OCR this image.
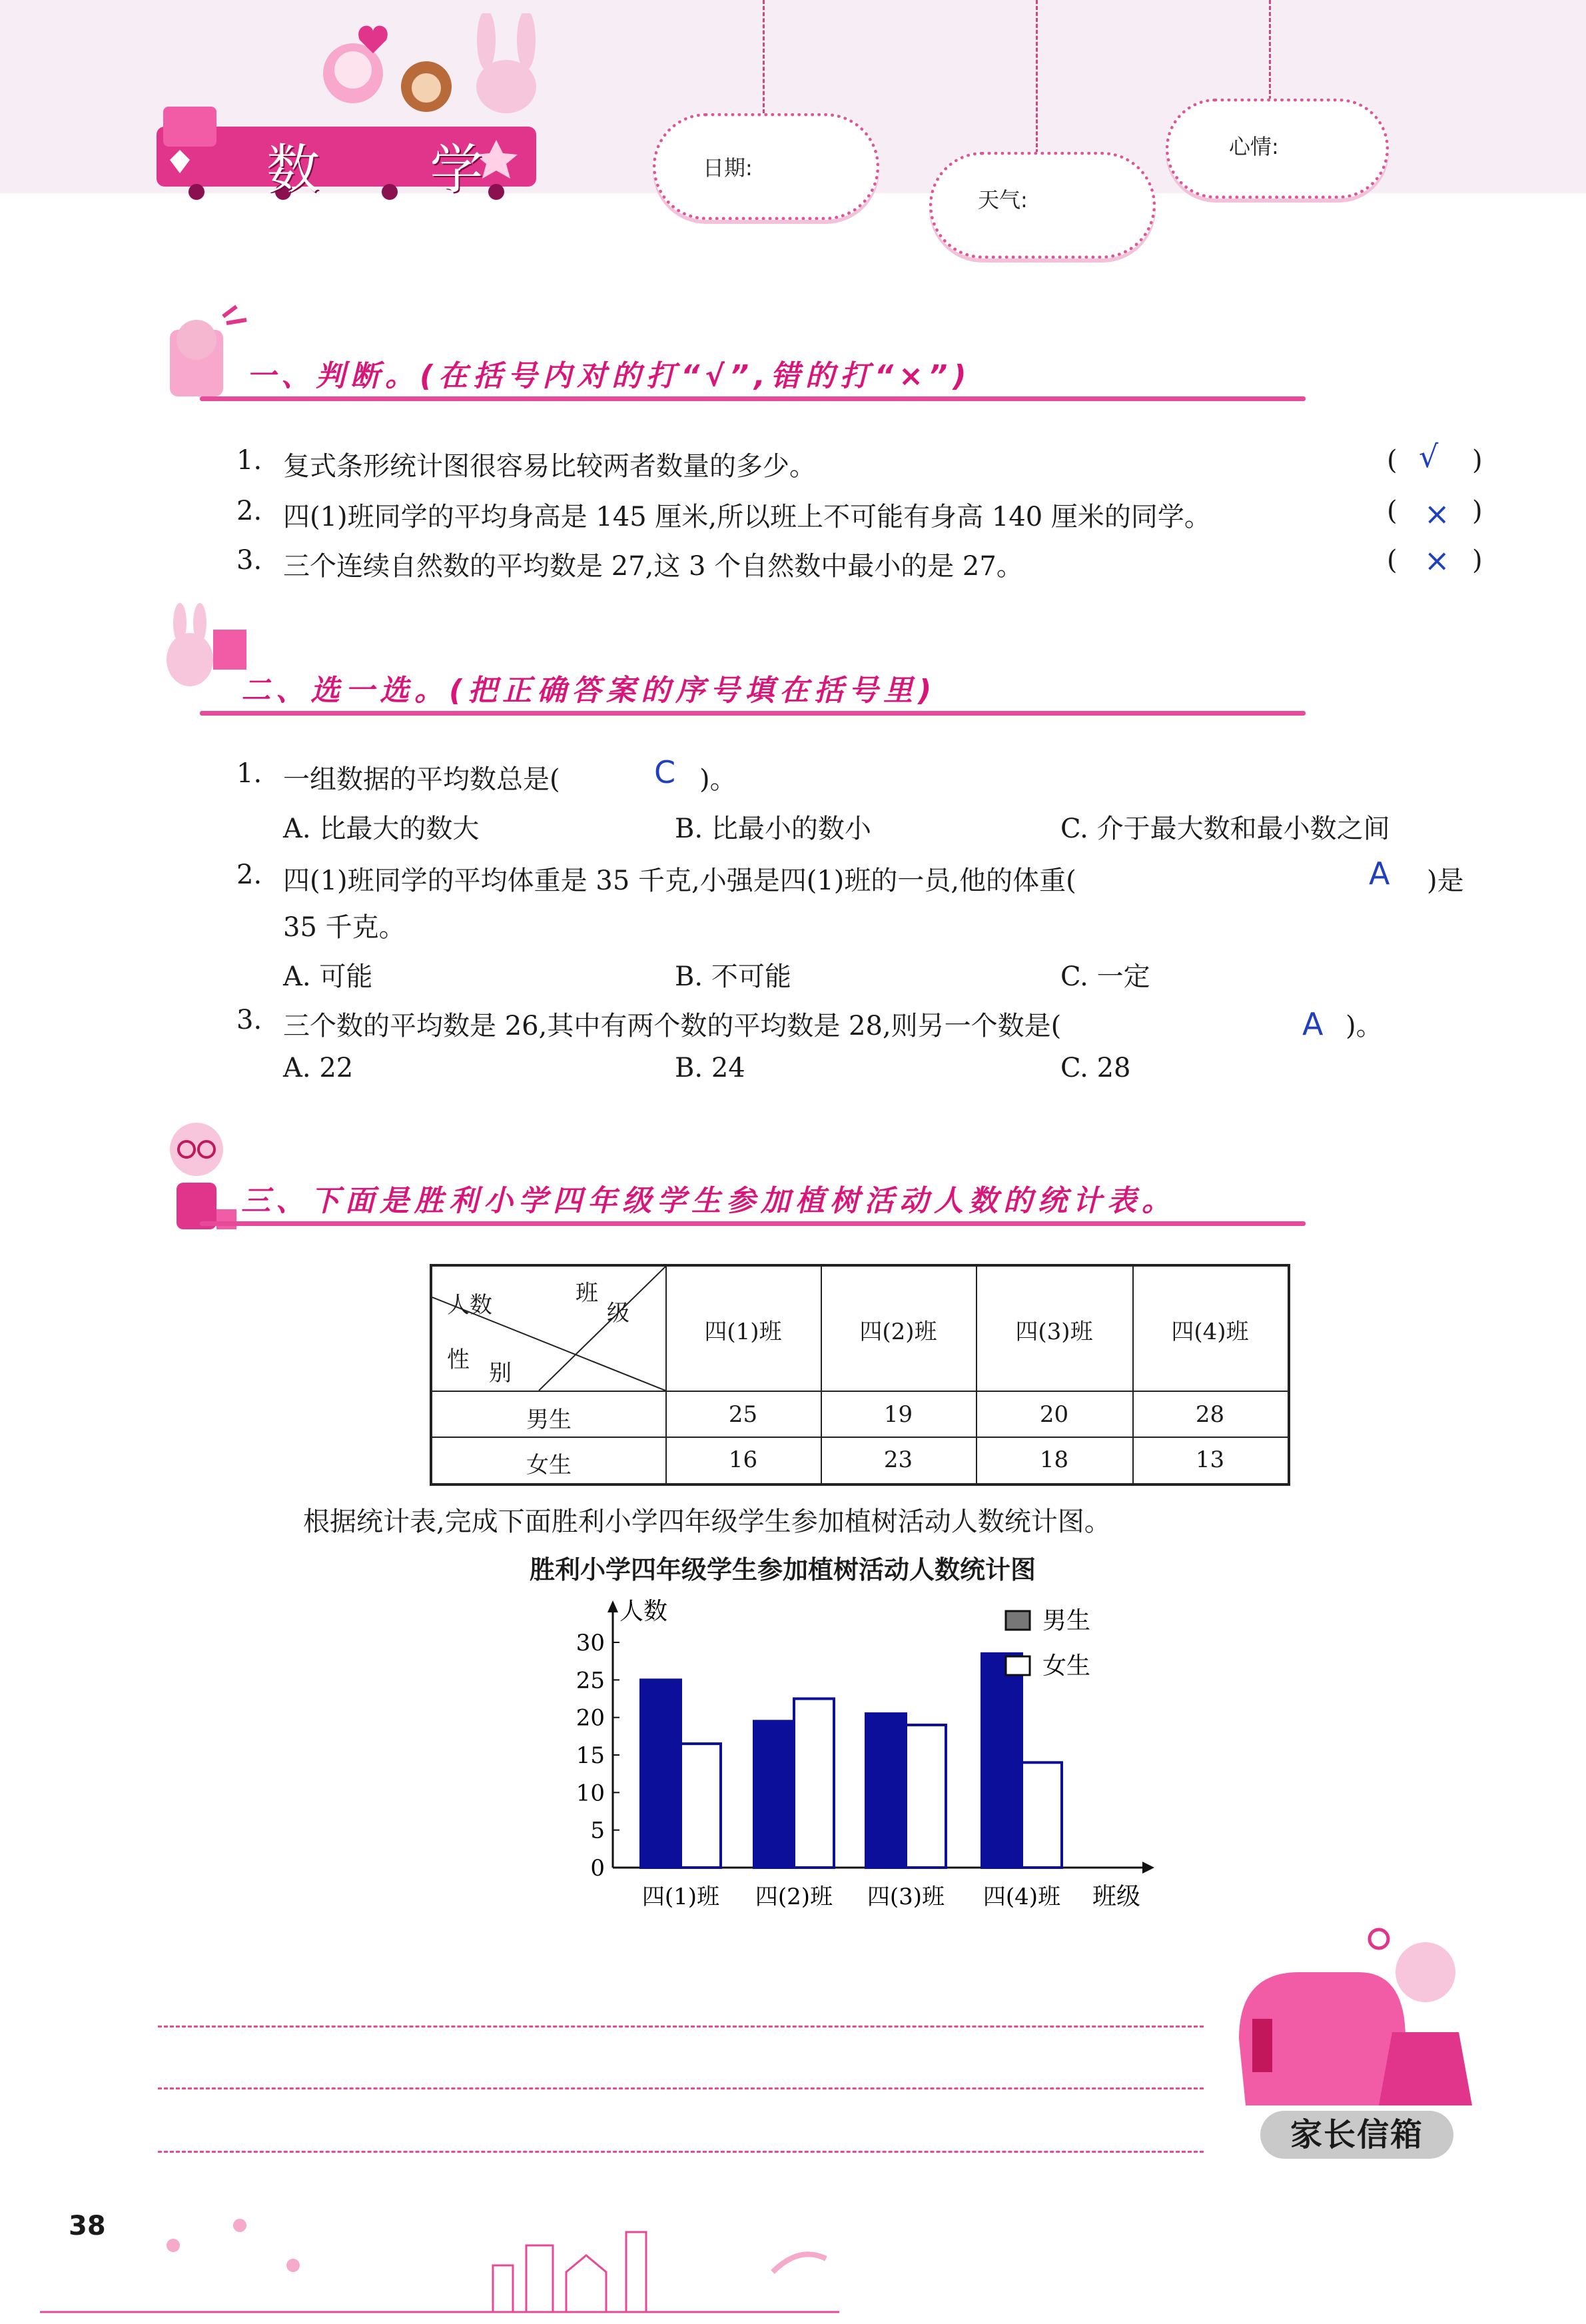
日期:
天气:
心情:
数 学
一、判断。(在括号内对的打“√”,错的打“×”)
1. 复式条形统计图很容易比较两者数量的多少。	( √ )
2. 四(1)班同学的平均身高是 145 厘米,所以班上不可能有身高 140 厘米的同学。	( × )
3. 三个连续自然数的平均数是 27,这 3 个自然数中最小的是 27。	( × )
二、选一选。(把正确答案的序号填在括号里)
1. 一组数据的平均数总是(	C )。
A. 比最大的数大	B. 比最小的数小	C. 介于最大数和最小数之间
2. 四(1)班同学的平均体重是 35 千克,小强是四(1)班的一员,他的体重(	A )是
35 千克。
A. 可能	B. 不可能	C. 一定
3. 三个数的平均数是 26,其中有两个数的平均数是 28,则另一个数是(	A )。
A. 22	B. 24	C. 28
三、下面是胜利小学四年级学生参加植树活动人数的统计表。
班
级
人数
性 别
四(1)班	四(2)班	四(3)班	四(4)班
男生	25	19	20	28
女生	16	23	18	13
根据统计表,完成下面胜利小学四年级学生参加植树活动人数统计图。
胜利小学四年级学生参加植树活动人数统计图
0
5
10
15
20
25
30
人数
班级
四(1)班 四(2)班 四(3)班 四(4)班
男生
女生
家长信箱
38
